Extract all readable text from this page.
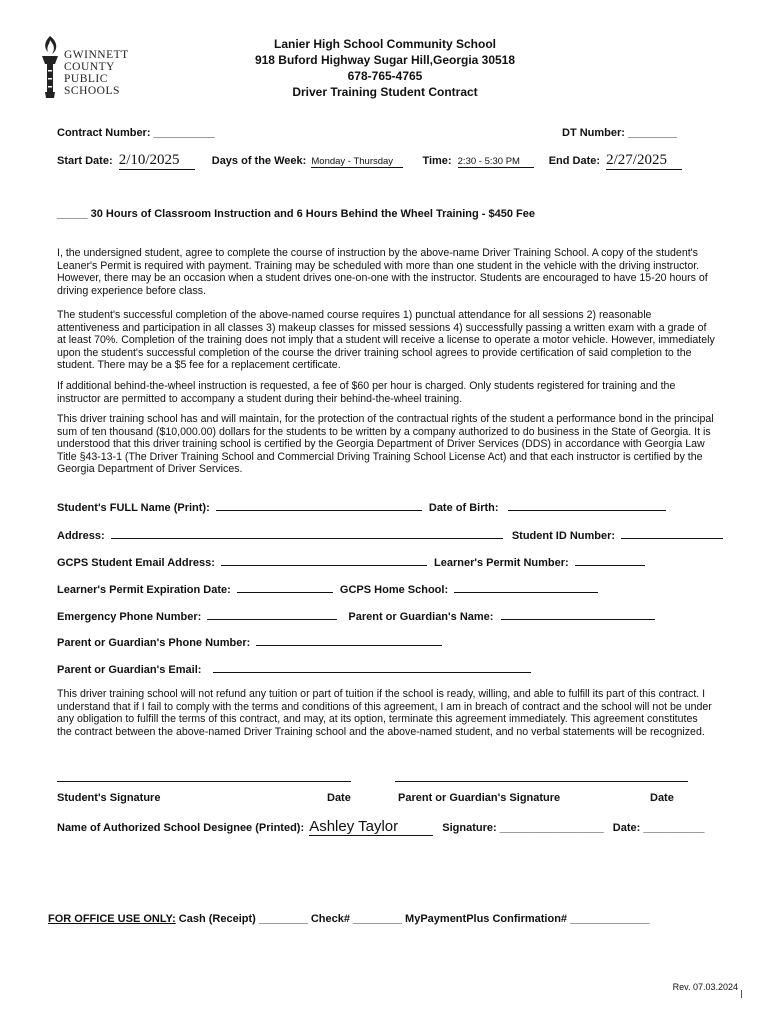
GWINNETT
COUNTY
PUBLIC
SCHOOLS
Lanier High School Community School
918 Buford Highway Sugar Hill,Georgia 30518
678-765-4765
Driver Training Student Contract
Contract Number: __________	DT Number: ________
Start Date: 2/10/2025	Days of the Week: Monday - Thursday	Time: 2:30 - 5:30 PM	End Date: 2/27/2025
_____ 30 Hours of Classroom Instruction and 6 Hours Behind the Wheel Training - $450 Fee
I, the undersigned student, agree to complete the course of instruction by the above-name Driver Training School. A copy of the student's Leaner's Permit is required with payment. Training may be scheduled with more than one student in the vehicle with the driving instructor. However, there may be an occasion when a student drives one-on-one with the instructor. Students are encouraged to have 15-20 hours of driving experience before class.
The student's successful completion of the above-named course requires 1) punctual attendance for all sessions 2) reasonable attentiveness and participation in all classes 3) makeup classes for missed sessions 4) successfully passing a written exam with a grade of at least 70%. Completion of the training does not imply that a student will receive a license to operate a motor vehicle. However, immediately upon the student's successful completion of the course the driver training school agrees to provide certification of said completion to the student. There may be a $5 fee for a replacement certificate.
If additional behind-the-wheel instruction is requested, a fee of $60 per hour is charged. Only students registered for training and the instructor are permitted to accompany a student during their behind-the-wheel training.
This driver training school has and will maintain, for the protection of the contractual rights of the student a performance bond in the principal sum of ten thousand ($10,000.00) dollars for the students to be written by a company authorized to do business in the State of Georgia. It is understood that this driver training school is certified by the Georgia Department of Driver Services (DDS) in accordance with Georgia Law Title §43-13-1 (The Driver Training School and Commercial Driving Training School License Act) and that each instructor is certified by the Georgia Department of Driver Services.
Student's FULL Name (Print):	Date of Birth:
Address:	Student ID Number:
GCPS Student Email Address:	Learner's Permit Number:
Learner's Permit Expiration Date:	GCPS Home School:
Emergency Phone Number:	Parent or Guardian's Name:
Parent or Guardian's Phone Number:
Parent or Guardian's Email:
This driver training school will not refund any tuition or part of tuition if the school is ready, willing, and able to fulfill its part of this contract. I understand that if I fail to comply with the terms and conditions of this agreement, I am in breach of contract and the school will not be under any obligation to fulfill the terms of this contract, and may, at its option, terminate this agreement immediately. This agreement constitutes the contract between the above-named Driver Training school and the above-named student, and no verbal statements will be recognized.
Student's Signature	Date	Parent or Guardian's Signature	Date
Name of Authorized School Designee (Printed): Ashley Taylor	Signature: _________________ Date: __________
FOR OFFICE USE ONLY: Cash (Receipt) ________ Check# ________ MyPaymentPlus Confirmation# _____________
Rev. 07.03.2024
